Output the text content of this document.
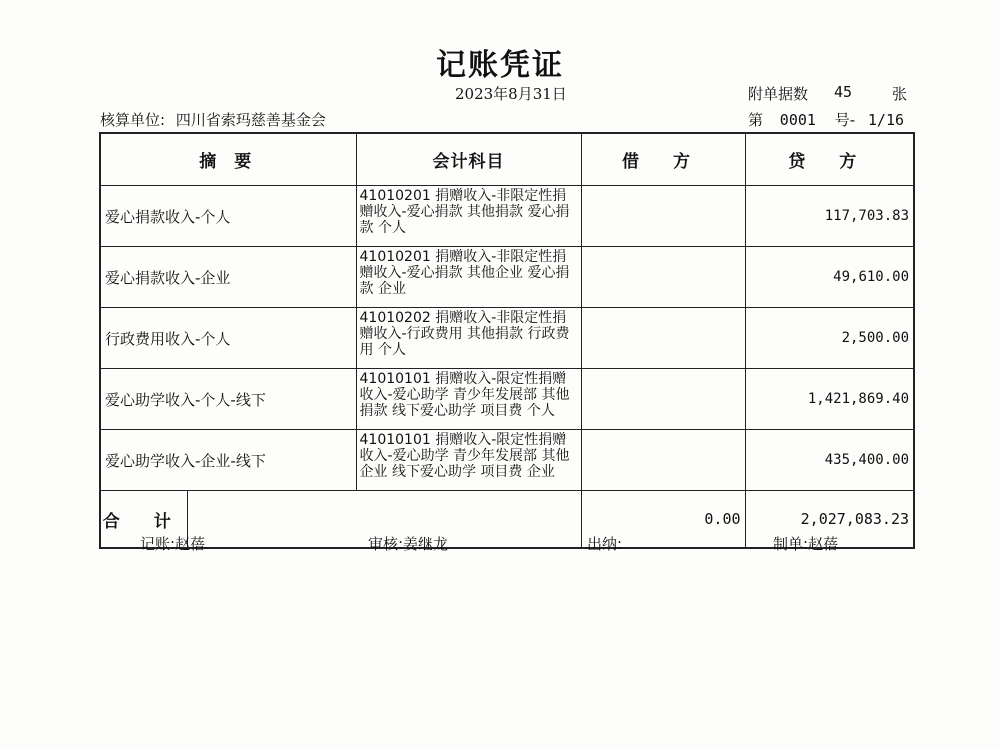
记账凭证
2023年8月31日	附单据数 45	张
核算单位: 四川省索玛慈善基金会	第 0001 号- 1/16
摘 要		会计科目	借 方	贷 方
爱心捐款收入-个人		41010201 捐赠收入-非限定性捐赠收入-爱心捐款 其他捐款 爱心捐款 个人		117,703.83
爱心捐款收入-企业		41010201 捐赠收入-非限定性捐赠收入-爱心捐款 其他企业 爱心捐款 企业		49,610.00
行政费用收入-个人		41010202 捐赠收入-非限定性捐赠收入-行政费用 其他捐款 行政费用 个人		2,500.00
爱心助学收入-个人-线下		41010101 捐赠收入-限定性捐赠收入-爱心助学 青少年发展部 其他捐款 线下爱心助学 项目费 个人		1,421,869.40
爱心助学收入-企业-线下		41010101 捐赠收入-限定性捐赠收入-爱心助学 青少年发展部 其他企业 线下爱心助学 项目费 企业		435,400.00
合 计			0.00	2,027,083.23
记账:赵蓓	审核:姜继龙	出纳:	制单:赵蓓
